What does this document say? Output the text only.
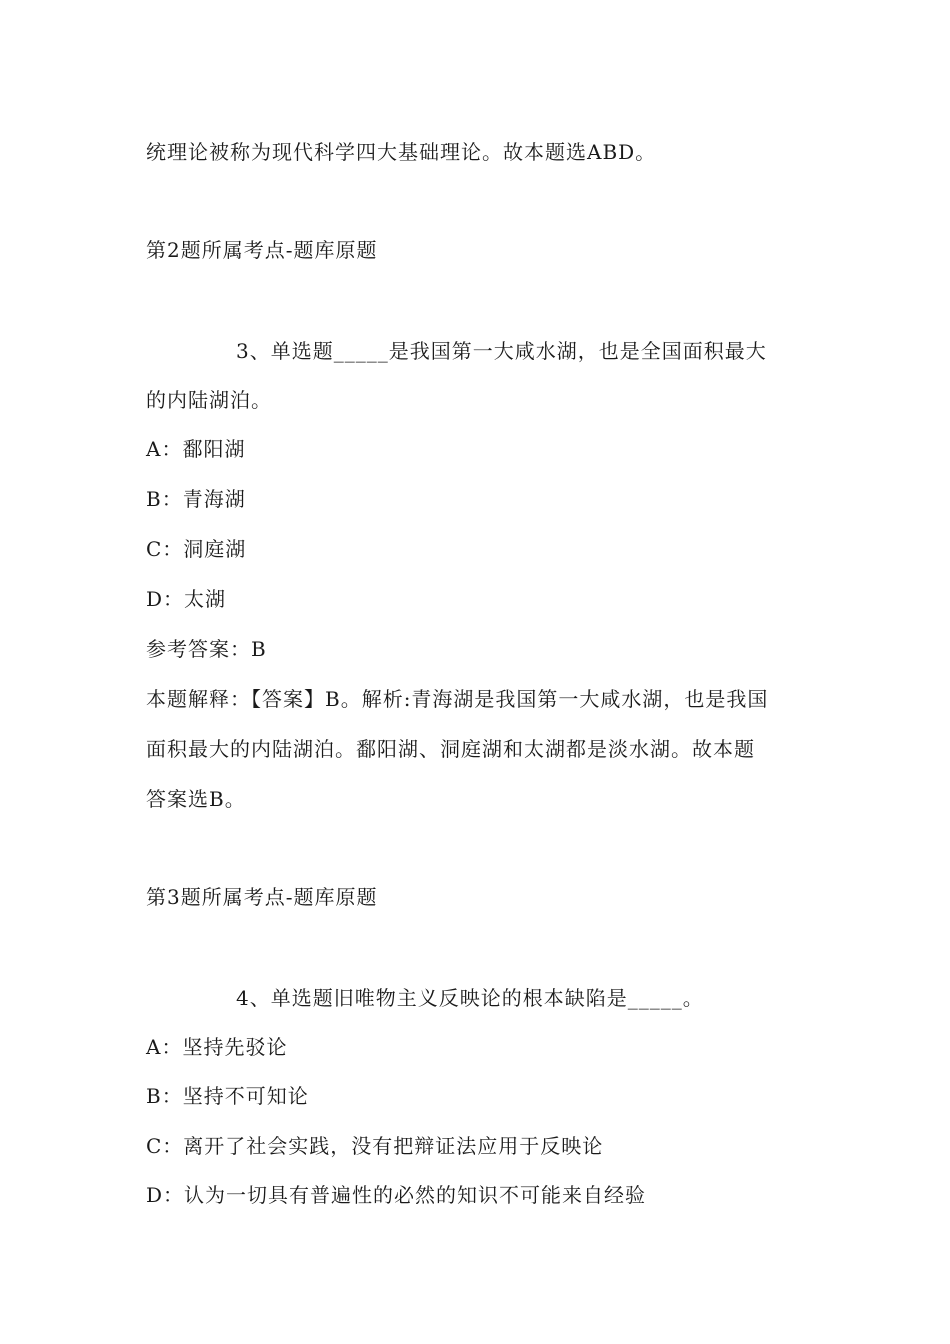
统理论被称为现代科学四大基础理论。故本题选ABD。
第2题所属考点-题库原题
3、单选题_____是我国第一大咸水湖，也是全国面积最大
的内陆湖泊。
A：鄱阳湖
B：青海湖
C：洞庭湖
D：太湖
参考答案：B
本题解释：【答案】B。解析:青海湖是我国第一大咸水湖，也是我国
面积最大的内陆湖泊。鄱阳湖、洞庭湖和太湖都是淡水湖。故本题
答案选B。
第3题所属考点-题库原题
4、单选题旧唯物主义反映论的根本缺陷是_____。
A：坚持先驳论
B：坚持不可知论
C：离开了社会实践，没有把辩证法应用于反映论
D：认为一切具有普遍性的必然的知识不可能来自经验
